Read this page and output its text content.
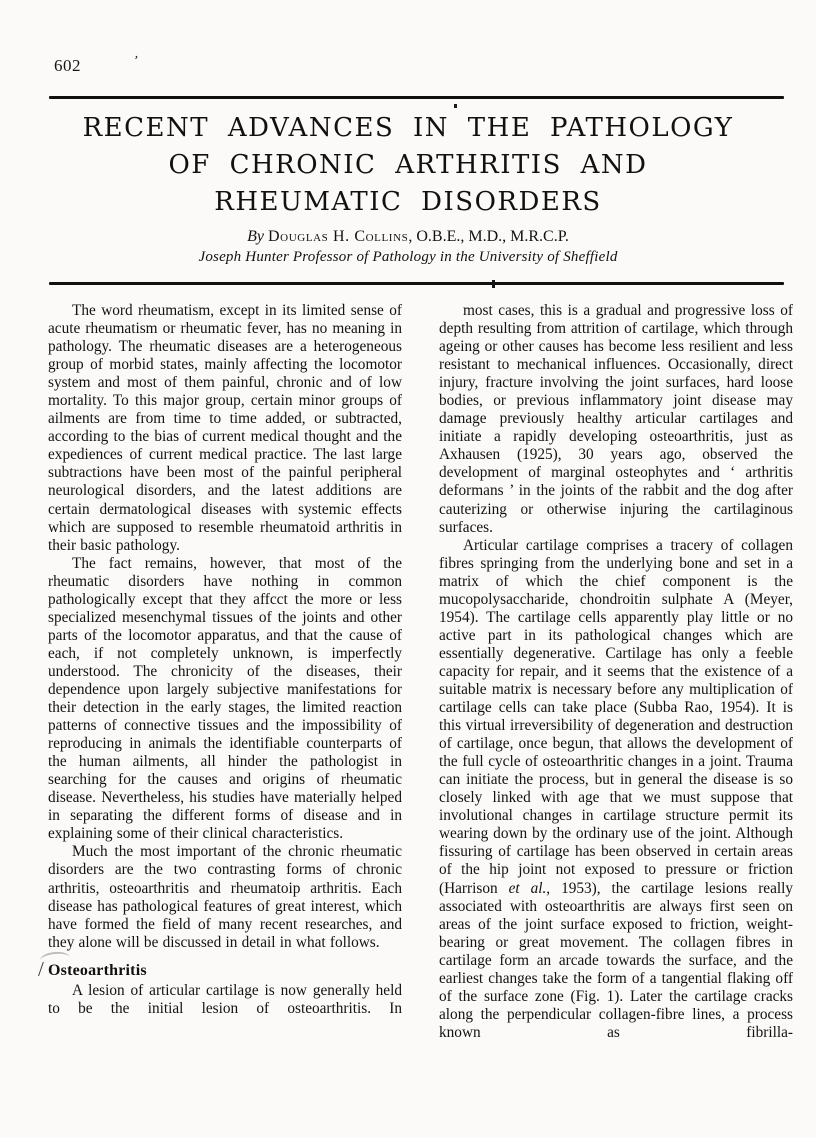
602	’
RECENT ADVANCES IN THE PATHOLOGY
OF CHRONIC ARTHRITIS AND
RHEUMATIC DISORDERS
By Douglas H. Collins, O.B.E., M.D., M.R.C.P.
Joseph Hunter Professor of Pathology in the University of Sheffield

The word rheumatism, except in its limited sense of acute rheumatism or rheumatic fever, has no meaning in pathology. The rheumatic diseases are a heterogeneous group of morbid states, mainly affecting the locomotor system and most of them painful, chronic and of low mortality. To this major group, certain minor groups of ailments are from time to time added, or subtracted, according to the bias of current medical thought and the expediences of current medical practice. The last large subtractions have been most of the painful peripheral neurological disorders, and the latest additions are certain dermatological diseases with systemic effects which are supposed to resemble rheumatoid arthritis in their basic pathology.

The fact remains, however, that most of the rheumatic disorders have nothing in common pathologically except that they affcct the more or less specialized mesenchymal tissues of the joints and other parts of the locomotor apparatus, and that the cause of each, if not completely unknown, is imperfectly understood. The chronicity of the diseases, their dependence upon largely subjective manifestations for their detection in the early stages, the limited reaction patterns of connective tissues and the impossibility of reproducing in animals the identifiable counterparts of the human ailments, all hinder the pathologist in searching for the causes and origins of rheumatic disease. Nevertheless, his studies have materially helped in separating the different forms of disease and in explaining some of their clinical characteristics.

Much the most important of the chronic rheumatic disorders are the two contrasting forms of chronic arthritis, osteoarthritis and rheumatoip arthritis. Each disease has pathological features of great interest, which have formed the field of many recent researches, and they alone will be discussed in detail in what follows.

/ Osteoarthritis

A lesion of articular cartilage is now generally held to be the initial lesion of osteoarthritis. In

most cases, this is a gradual and progressive loss of depth resulting from attrition of cartilage, which through ageing or other causes has become less resilient and less resistant to mechanical influences. Occasionally, direct injury, fracture involving the joint surfaces, hard loose bodies, or previous inflammatory joint disease may damage previously healthy articular cartilages and initiate a rapidly developing osteoarthritis, just as Axhausen (1925), 30 years ago, observed the development of marginal osteophytes and ‘ arthritis deformans ’ in the joints of the rabbit and the dog after cauterizing or otherwise injuring the cartilaginous surfaces.

Articular cartilage comprises a tracery of collagen fibres springing from the underlying bone and set in a matrix of which the chief component is the mucopolysaccharide, chondroitin sulphate A (Meyer, 1954). The cartilage cells apparently play little or no active part in its pathological changes which are essentially degenerative. Cartilage has only a feeble capacity for repair, and it seems that the existence of a suitable matrix is necessary before any multiplication of cartilage cells can take place (Subba Rao, 1954). It is this virtual irreversibility of degeneration and destruction of cartilage, once begun, that allows the development of the full cycle of osteoarthritic changes in a joint. Trauma can initiate the process, but in general the disease is so closely linked with age that we must suppose that involutional changes in cartilage structure permit its wearing down by the ordinary use of the joint. Although fissuring of cartilage has been observed in certain areas of the hip joint not exposed to pressure or friction (Harrison et al., 1953), the cartilage lesions really associated with osteoarthritis are always first seen on areas of the joint surface exposed to friction, weight-bearing or great movement. The collagen fibres in cartilage form an arcade towards the surface, and the earliest changes take the form of a tangential flaking off of the surface zone (Fig. 1). Later the cartilage cracks along the perpendicular collagen-fibre lines, a process known as fibrilla-
